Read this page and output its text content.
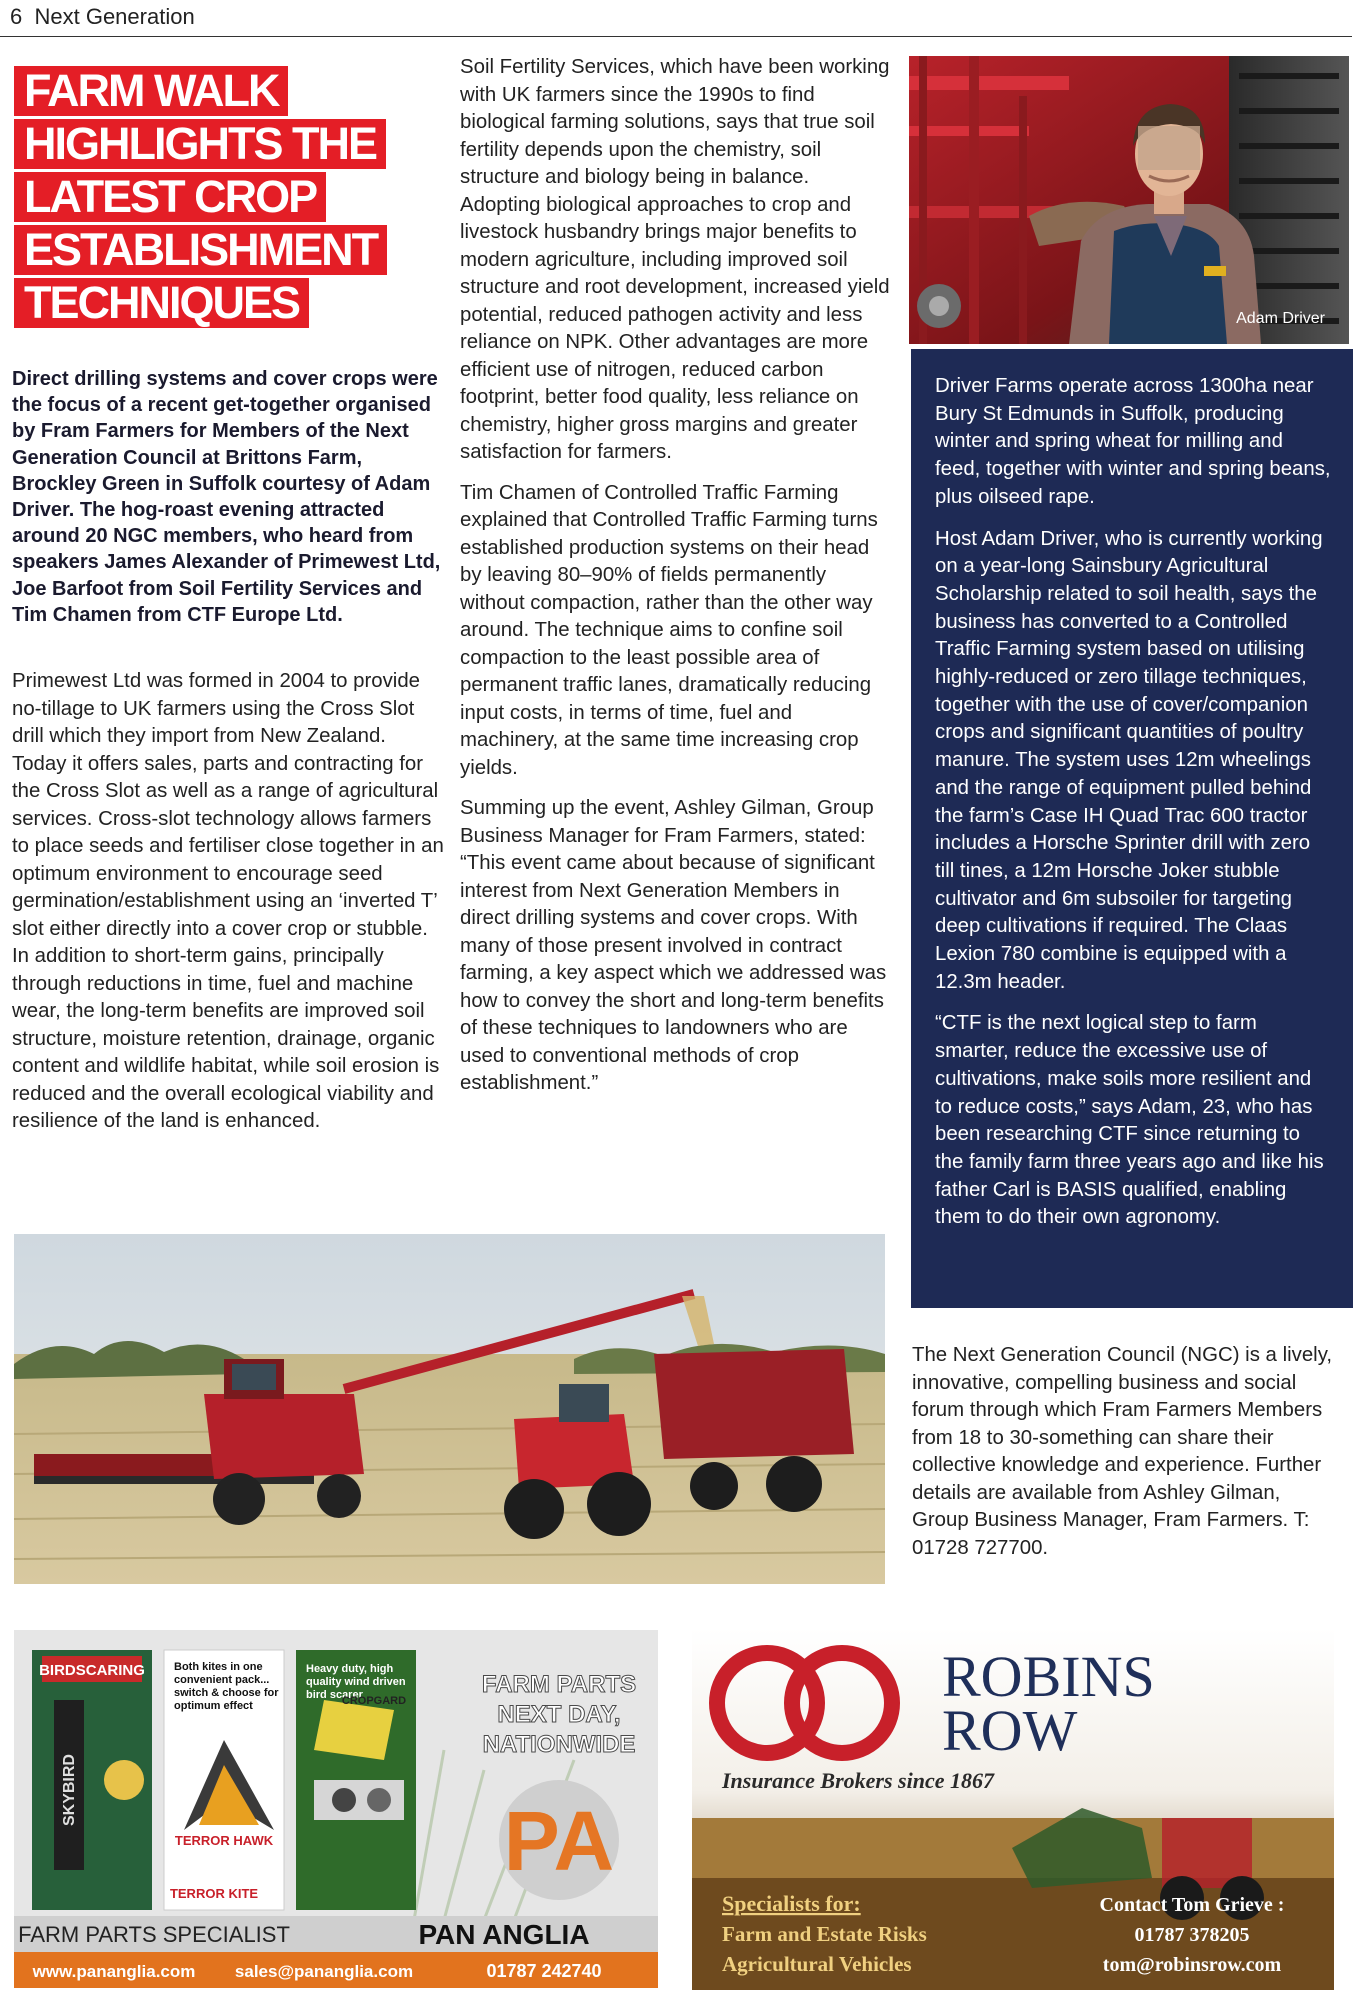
6 Next Generation
FARM WALK
HIGHLIGHTS THE
LATEST CROP
ESTABLISHMENT
TECHNIQUES
Direct drilling systems and cover crops were the focus of a recent get-together organised by Fram Farmers for Members of the Next Generation Council at Brittons Farm, Brockley Green in Suffolk courtesy of Adam Driver. The hog-roast evening attracted around 20 NGC members, who heard from speakers James Alexander of Primewest Ltd, Joe Barfoot from Soil Fertility Services and Tim Chamen from CTF Europe Ltd.

Primewest Ltd was formed in 2004 to provide no-tillage to UK farmers using the Cross Slot drill which they import from New Zealand. Today it offers sales, parts and contracting for the Cross Slot as well as a range of agricultural services. Cross-slot technology allows farmers to place seeds and fertiliser close together in an optimum environment to encourage seed germination/establishment using an ‘inverted T’ slot either directly into a cover crop or stubble. In addition to short-term gains, principally through reductions in time, fuel and machine wear, the long-term benefits are improved soil structure, moisture retention, drainage, organic content and wildlife habitat, while soil erosion is reduced and the overall ecological viability and resilience of the land is enhanced.

Soil Fertility Services, which have been working with UK farmers since the 1990s to find biological farming solutions, says that true soil fertility depends upon the chemistry, soil structure and biology being in balance. Adopting biological approaches to crop and livestock husbandry brings major benefits to modern agriculture, including improved soil structure and root development, increased yield potential, reduced pathogen activity and less reliance on NPK. Other advantages are more efficient use of nitrogen, reduced carbon footprint, better food quality, less reliance on chemistry, higher gross margins and greater satisfaction for farmers.

Tim Chamen of Controlled Traffic Farming explained that Controlled Traffic Farming turns established production systems on their head by leaving 80–90% of fields permanently without compaction, rather than the other way around. The technique aims to confine soil compaction to the least possible area of permanent traffic lanes, dramatically reducing input costs, in terms of time, fuel and machinery, at the same time increasing crop yields.

Summing up the event, Ashley Gilman, Group Business Manager for Fram Farmers, stated: “This event came about because of significant interest from Next Generation Members in direct drilling systems and cover crops. With many of those present involved in contract farming, a key aspect which we addressed was how to convey the short and long-term benefits of these techniques to landowners who are used to conventional methods of crop establishment.”

Adam Driver

Driver Farms operate across 1300ha near Bury St Edmunds in Suffolk, producing winter and spring wheat for milling and feed, together with winter and spring beans, plus oilseed rape.

Host Adam Driver, who is currently working on a year-long Sainsbury Agricultural Scholarship related to soil health, says the business has converted to a Controlled Traffic Farming system based on utilising highly-reduced or zero tillage techniques, together with the use of cover/companion crops and significant quantities of poultry manure. The system uses 12m wheelings and the range of equipment pulled behind the farm’s Case IH Quad Trac 600 tractor includes a Horsche Sprinter drill with zero till tines, a 12m Horsche Joker stubble cultivator and 6m subsoiler for targeting deep cultivations if required. The Claas Lexion 780 combine is equipped with a 12.3m header.

“CTF is the next logical step to farm smarter, reduce the excessive use of cultivations, make soils more resilient and to reduce costs,” says Adam, 23, who has been researching CTF since returning to the family farm three years ago and like his father Carl is BASIS qualified, enabling them to do their own agronomy.

The Next Generation Council (NGC) is a lively, innovative, compelling business and social forum through which Fram Farmers Members from 18 to 30-something can share their collective knowledge and experience. Further details are available from Ashley Gilman, Group Business Manager, Fram Farmers. T: 01728 727700.
BIRDSCARING
SKYBIRD
Both kites in one convenient pack... switch & choose for optimum effect
TERROR HAWK
TERROR KITE
Heavy duty, high quality wind driven bird scarer
CROPGARD
FARM PARTS
NEXT DAY,
NATIONWIDE
PA
FARM PARTS SPECIALIST	PAN ANGLIA
www.pananglia.com sales@pananglia.com	01787 242740
ROBINS
ROW
Insurance Brokers since 1867
Specialists for:
Farm and Estate Risks
Agricultural Vehicles
Contact Tom Grieve :
01787 378205
tom@robinsrow.com
